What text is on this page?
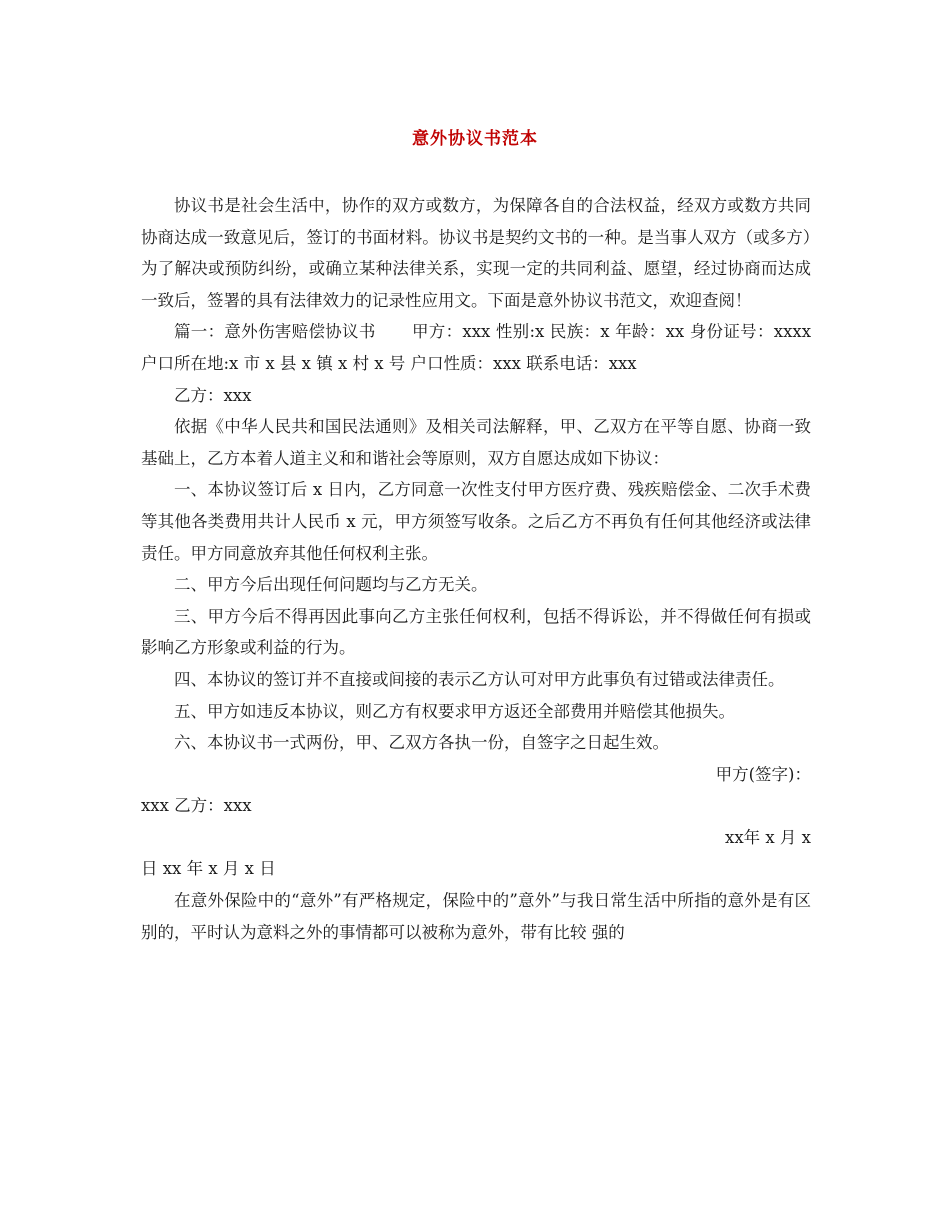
意外协议书范本

协议书是社会生活中，协作的双方或数方，为保障各自的合法权益，经双方或数方共同协商达成一致意见后，签订的书面材料。协议书是契约文书的一种。是当事人双方（或多方）为了解决或预防纠纷，或确立某种法律关系，实现一定的共同利益、愿望，经过协商而达成一致后，签署的具有法律效力的记录性应用文。下面是意外协议书范文，欢迎查阅！

篇一：意外伤害赔偿协议书 甲方：xxx 性别:x 民族：x 年龄：xx 身份证号：xxxx 户口所在地:x 市 x 县 x 镇 x 村 x 号 户口性质：xxx 联系电话：xxx

乙方：xxx

依据《中华人民共和国民法通则》及相关司法解释，甲、乙双方在平等自愿、协商一致基础上，乙方本着人道主义和和谐社会等原则，双方自愿达成如下协议：

一、本协议签订后 x 日内，乙方同意一次性支付甲方医疗费、残疾赔偿金、二次手术费等其他各类费用共计人民币 x 元，甲方须签写收条。之后乙方不再负有任何其他经济或法律责任。甲方同意放弃其他任何权利主张。

二、甲方今后出现任何问题均与乙方无关。

三、甲方今后不得再因此事向乙方主张任何权利，包括不得诉讼，并不得做任何有损或影响乙方形象或利益的行为。

四、本协议的签订并不直接或间接的表示乙方认可对甲方此事负有过错或法律责任。

五、甲方如违反本协议，则乙方有权要求甲方返还全部费用并赔偿其他损失。

六、本协议书一式两份，甲、乙双方各执一份，自签字之日起生效。

甲方(签字)：

xxx 乙方：xxx

xx年 x 月 x

日 xx 年 x 月 x 日

在意外保险中的“意外”有严格规定，保险中的”意外”与我日常生活中所指的意外是有区别的，平时认为意料之外的事情都可以被称为意外，带有比较 强的
